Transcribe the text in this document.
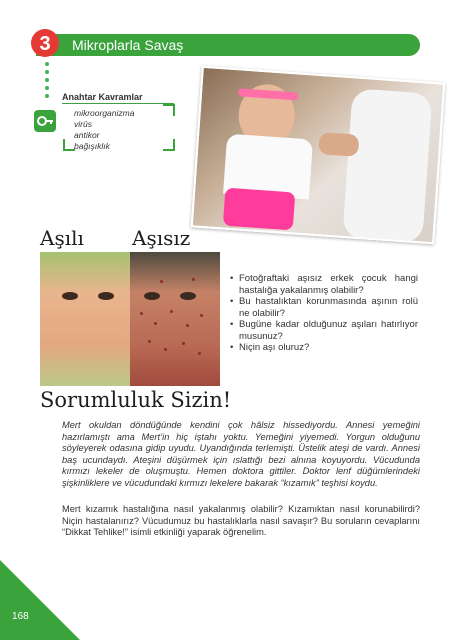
3 Mikroplarla Savaş
Anahtar Kavramlar
mikroorganizma
virüs
antikor
bağışıklık
Aşılı Aşısız
Sorumluluk Sizin!
• Fotoğraftaki aşısız erkek çocuk hangi hastalığa yakalanmış olabilir?
• Bu hastalıktan korunmasında aşının rolü ne olabilir?
• Bugüne kadar olduğunuz aşıları hatırlıyor musunuz?
• Niçin aşı oluruz?
Mert okuldan döndüğünde kendini çok hâlsiz hissediyordu. Annesi yemeğini hazırlamıştı ama Mert’in hiç iştahı yoktu. Yemeğini yiyemedi. Yorgun olduğunu söyleyerek odasına gidip uyudu. Uyandığında terlemişti. Üstelik ateşi de vardı. Annesi baş ucundaydı. Ateşini düşürmek için ıslattığı bezi alnına koyuyordu. Vücudunda kırmızı lekeler de oluşmuştu. Hemen doktora gittiler. Doktor lenf düğümlerindeki şişkinliklere ve vücudundaki kırmızı lekelere bakarak “kızamık” teşhisi koydu.
Mert kızamık hastalığına nasıl yakalanmış olabilir? Kızamıktan nasıl korunabilirdi? Niçin hastalanırız? Vücudumuz bu hastalıklarla nasıl savaşır? Bu soruların cevaplarını “Dikkat Tehlike!” isimli etkinliği yaparak öğrenelim.
168
